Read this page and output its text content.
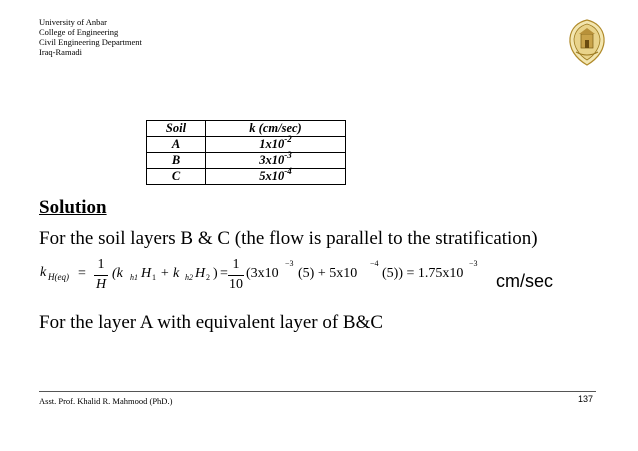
University of Anbar
College of Engineering
Civil Engineering Department
Iraq-Ramadi
Soil	k (cm/sec)
A	$1x10^{-2}$
B	$3x10^{-3}$
C	$5x10^{-4}$
Solution
For the soil layers B & C (the flow is parallel to the stratification)
k H(eq) =
1
H
(k h1 H 1 + k h2 H 2 ) =
1
10
(3x10
−3
(5) + 5x10
−4
(5)) = 1.75x10
−3
cm/sec
For the layer A with equivalent layer of B&C
Asst. Prof. Khalid R. Mahmood (PhD.)	137
